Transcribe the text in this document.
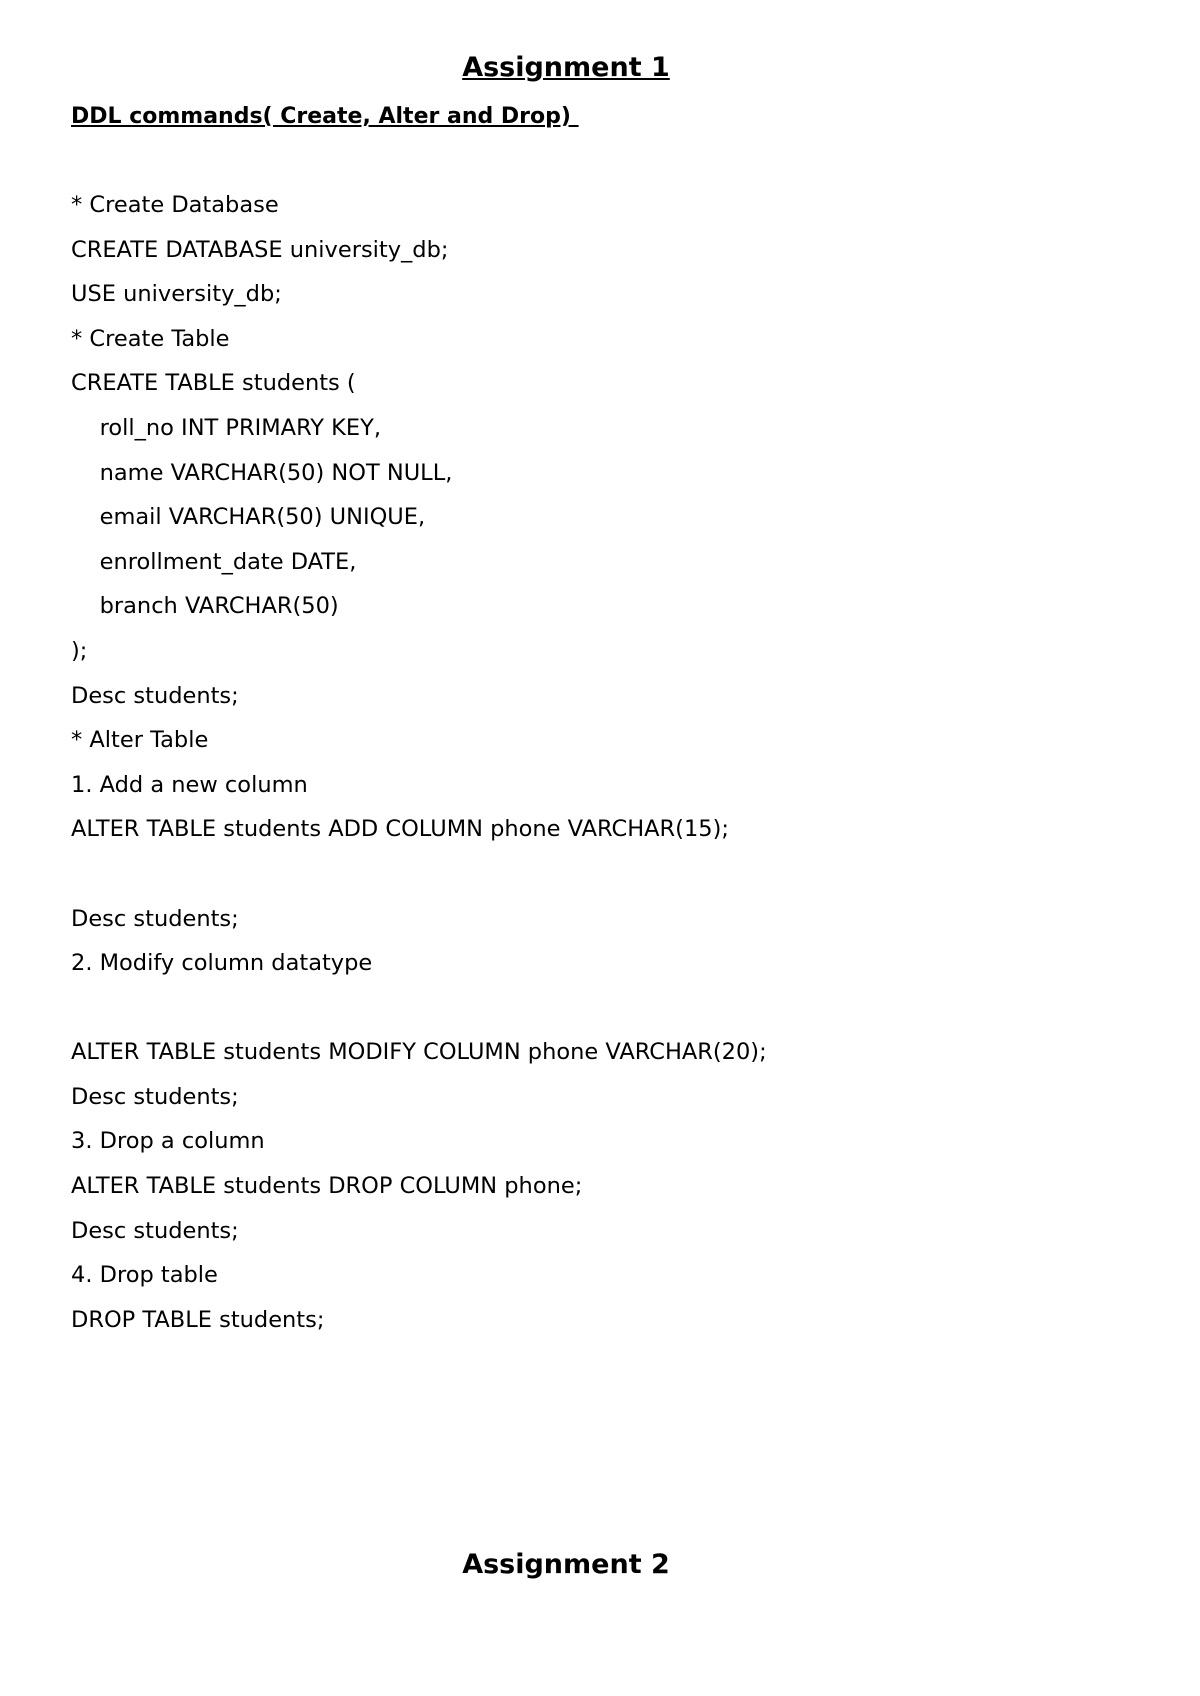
Assignment 1
DDL commands( Create, Alter and Drop)

* Create Database

CREATE DATABASE university_db;

USE university_db;

* Create Table

CREATE TABLE students (

roll_no INT PRIMARY KEY,

name VARCHAR(50) NOT NULL,

email VARCHAR(50) UNIQUE,

enrollment_date DATE,

branch VARCHAR(50)

);

Desc students;

* Alter Table

1. Add a new column

ALTER TABLE students ADD COLUMN phone VARCHAR(15);

Desc students;

2. Modify column datatype

ALTER TABLE students MODIFY COLUMN phone VARCHAR(20);

Desc students;

3. Drop a column

ALTER TABLE students DROP COLUMN phone;

Desc students;

4. Drop table

DROP TABLE students;

Assignment 2
